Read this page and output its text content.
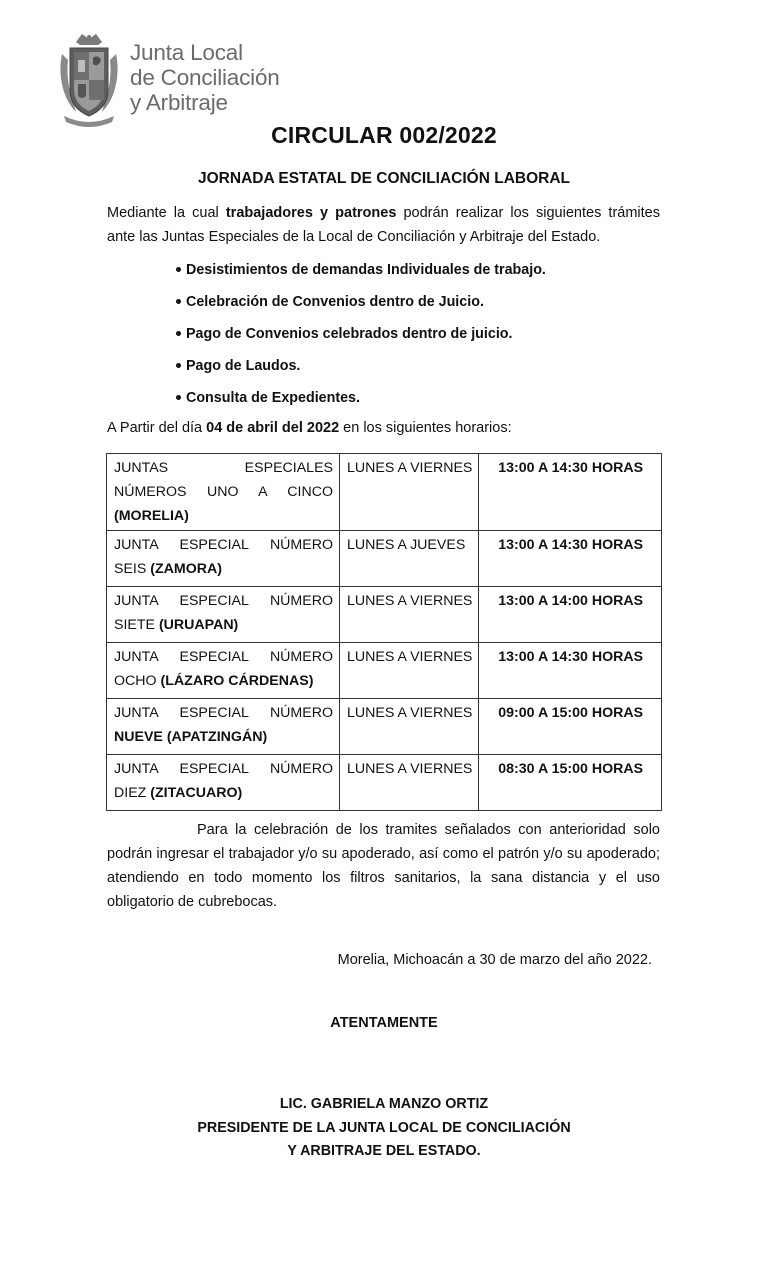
Junta Local
de Conciliación
y Arbitraje
CIRCULAR 002/2022
JORNADA ESTATAL DE CONCILIACIÓN LABORAL
Mediante la cual trabajadores y patrones podrán realizar los siguientes trámites ante las Juntas Especiales de la Local de Conciliación y Arbitraje del Estado.
Desistimientos de demandas Individuales de trabajo.
Celebración de Convenios dentro de Juicio.
Pago de Convenios celebrados dentro de juicio.
Pago de Laudos.
Consulta de Expedientes.
A Partir del día 04 de abril del 2022 en los siguientes horarios:
JUNTAS ESPECIALES NÚMEROS UNO A CINCO (MORELIA)	LUNES A VIERNES	13:00 A 14:30 HORAS
JUNTA ESPECIAL NÚMERO SEIS (ZAMORA)	LUNES A JUEVES	13:00 A 14:30 HORAS
JUNTA ESPECIAL NÚMERO SIETE (URUAPAN)	LUNES A VIERNES	13:00 A 14:00 HORAS
JUNTA ESPECIAL NÚMERO OCHO (LÁZARO CÁRDENAS)	LUNES A VIERNES	13:00 A 14:30 HORAS
JUNTA ESPECIAL NÚMERO NUEVE (APATZINGÁN)	LUNES A VIERNES	09:00 A 15:00 HORAS
JUNTA ESPECIAL NÚMERO DIEZ (ZITACUARO)	LUNES A VIERNES	08:30 A 15:00 HORAS
Para la celebración de los tramites señalados con anterioridad solo podrán ingresar el trabajador y/o su apoderado, así como el patrón y/o su apoderado; atendiendo en todo momento los filtros sanitarios, la sana distancia y el uso obligatorio de cubrebocas.
Morelia, Michoacán a 30 de marzo del año 2022.
ATENTAMENTE
LIC. GABRIELA MANZO ORTIZ
PRESIDENTE DE LA JUNTA LOCAL DE CONCILIACIÓN
Y ARBITRAJE DEL ESTADO.
